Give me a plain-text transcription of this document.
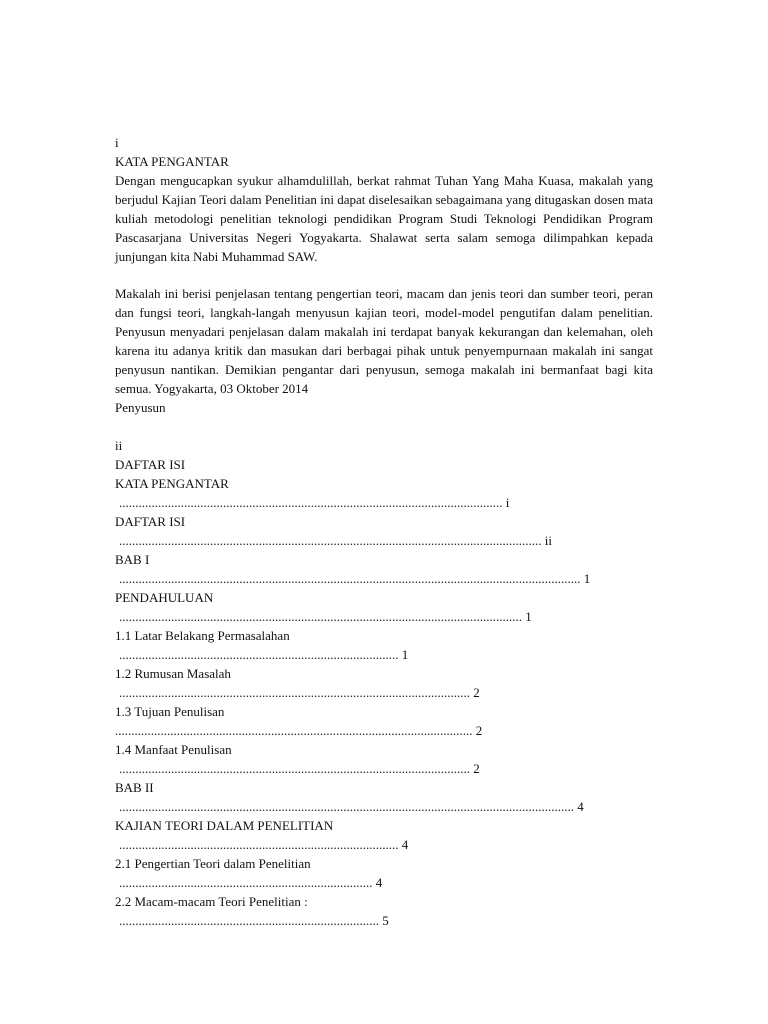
i
KATA PENGANTAR

Dengan mengucapkan syukur alhamdulillah, berkat rahmat Tuhan Yang Maha Kuasa, makalah yang berjudul Kajian Teori dalam Penelitian ini dapat diselesaikan sebagaimana yang ditugaskan dosen mata kuliah metodologi penelitian teknologi pendidikan Program Studi Teknologi Pendidikan Program Pascasarjana Universitas Negeri Yogyakarta. Shalawat serta salam semoga dilimpahkan kepada junjungan kita Nabi Muhammad SAW.

Makalah ini berisi penjelasan tentang pengertian teori, macam dan jenis teori dan sumber teori, peran dan fungsi teori, langkah-langah menyusun kajian teori, model-model pengutifan dalam penelitian. Penyusun menyadari penjelasan dalam makalah ini terdapat banyak kekurangan dan kelemahan, oleh karena itu adanya kritik dan masukan dari berbagai pihak untuk penyempurnaan makalah ini sangat penyusun nantikan. Demikian pengantar dari penyusun, semoga makalah ini bermanfaat bagi kita semua. Yogyakarta, 03 Oktober 2014

Penyusun
ii
DAFTAR ISI
KATA PENGANTAR
...................................................................................................................... i
DAFTAR ISI
.................................................................................................................................. ii
BAB I
.............................................................................................................................................. 1
PENDAHULUAN
............................................................................................................................ 1
1.1 Latar Belakang Permasalahan
...................................................................................... 1
1.2 Rumusan Masalah
............................................................................................................ 2
1.3 Tujuan Penulisan
.............................................................................................................. 2
1.4 Manfaat Penulisan
............................................................................................................ 2
BAB II
............................................................................................................................................ 4
KAJIAN TEORI DALAM PENELITIAN
...................................................................................... 4
2.1 Pengertian Teori dalam Penelitian
.............................................................................. 4
2.2 Macam-macam Teori Penelitian :
................................................................................ 5
